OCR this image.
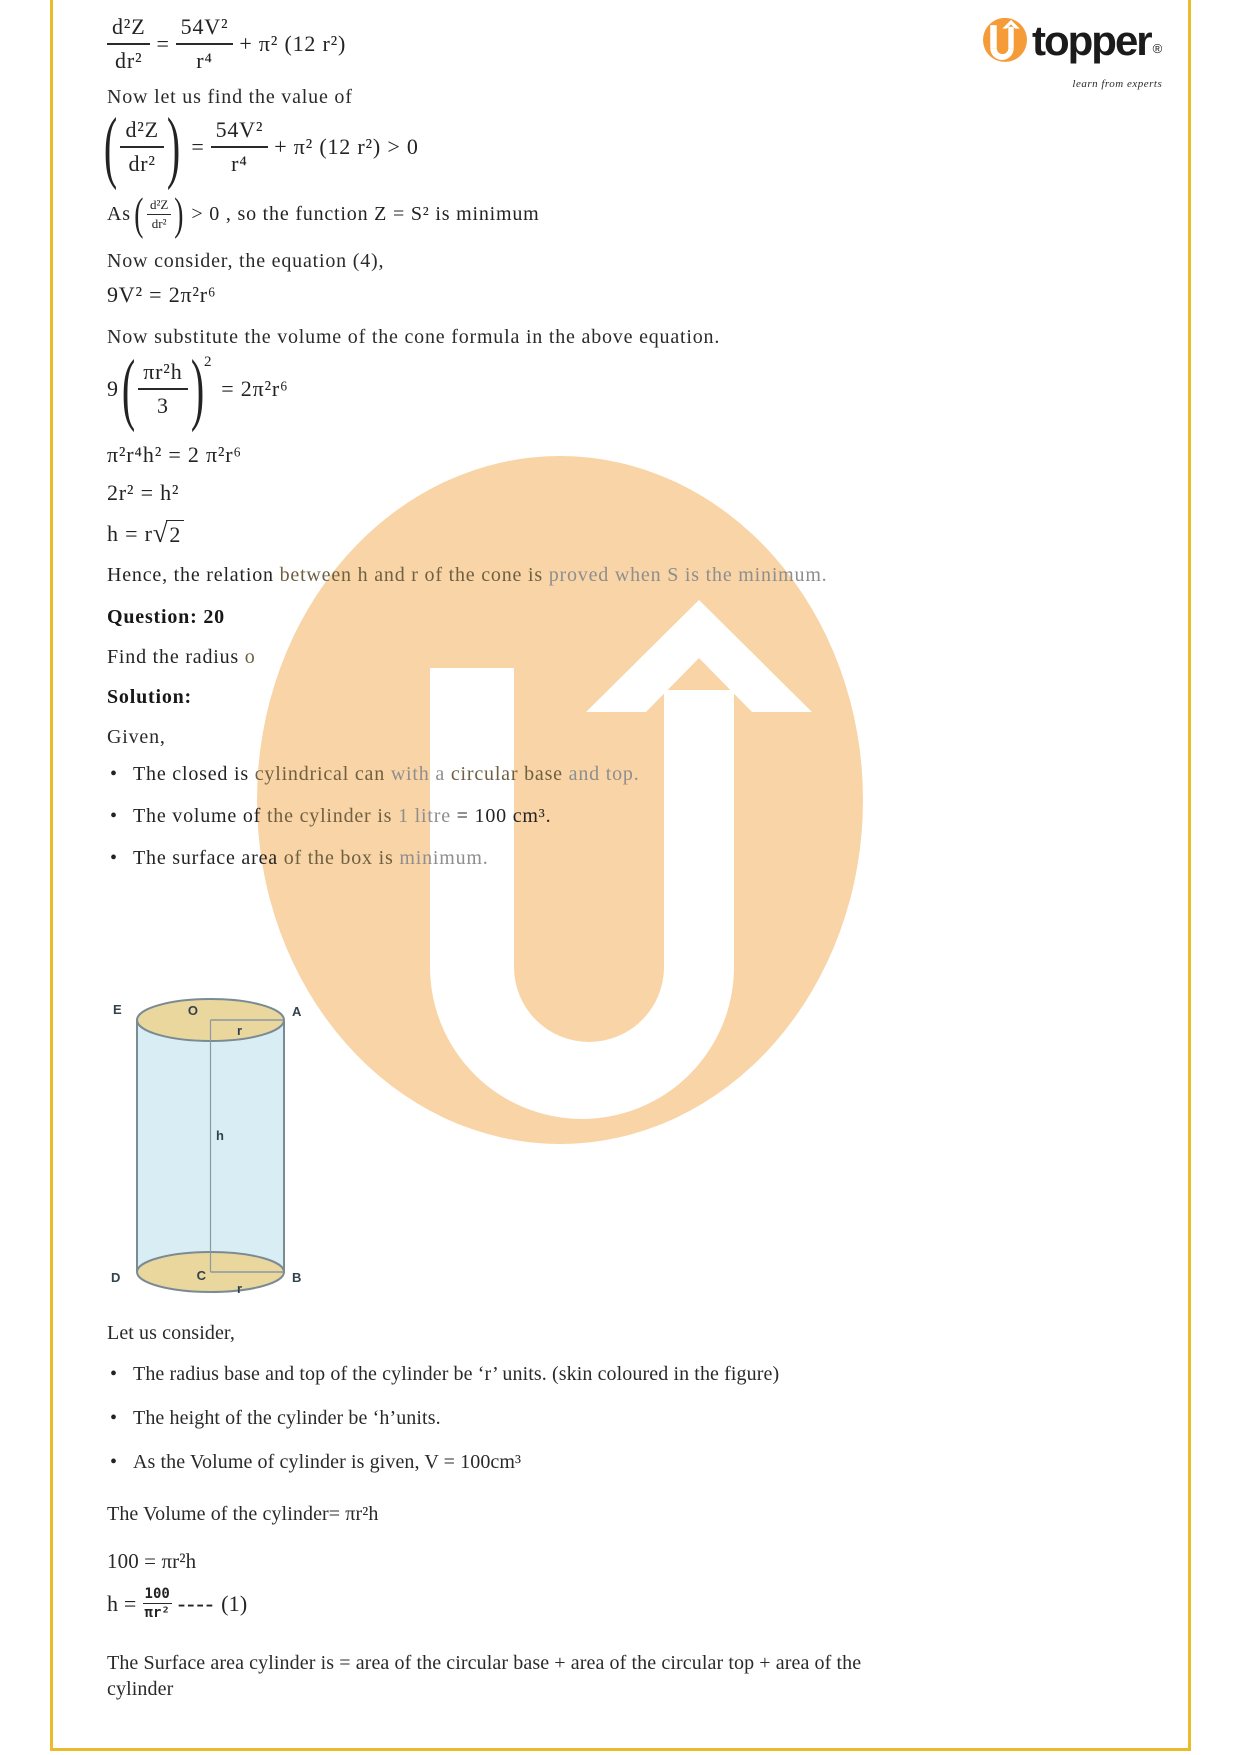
topper ®
learn from experts
$\frac{\text{d²Z}}{\text{dr²}} = \frac{\text{54V²}}{\text{r⁴}} + \pi^2$ (12 r²)
Now let us find the value of
( $\frac{\text{d²Z}}{\text{dr²}}$ ) = $\frac{\text{54V²}}{\text{r⁴}} + \pi^2$ (12 r²) > 0
As ( $\frac{\text{d²Z}}{\text{dr²}}$ ) > 0 , so the function Z = S² is minimum
Now consider, the equation (4),
9V² = 2π²r⁶
Now substitute the volume of the cone formula in the above equation.
9 ( $\frac{\text{πr²h}}{3}$ ) 2
= 2π²r⁶
π²r⁴h² = 2 π²r⁶
2r² = h²
h = r √ 2
Hence, the relation between h and r of the cone is proved when S is the minimum.
Question: 20
Find the radius o
Solution:
Given,
• The closed is cylindrical can with a circular base and top.
• The volume of the cylinder is 1 litre = 100 cm³.
• The surface area of the box is minimum.
E	O	A
r
h
D	C	B
r
Let us consider,
• The radius base and top of the cylinder be ‘r’ units. (skin coloured in the figure)
• The height of the cylinder be ‘h’units.
• As the Volume of cylinder is given, V = 100cm³
The Volume of the cylinder= πr²h
100 = πr²h
$h = \frac{100}{\text{πr²}}$ ---- (1)
The Surface area cylinder is = area of the circular base + area of the circular top + area of the
cylinder
